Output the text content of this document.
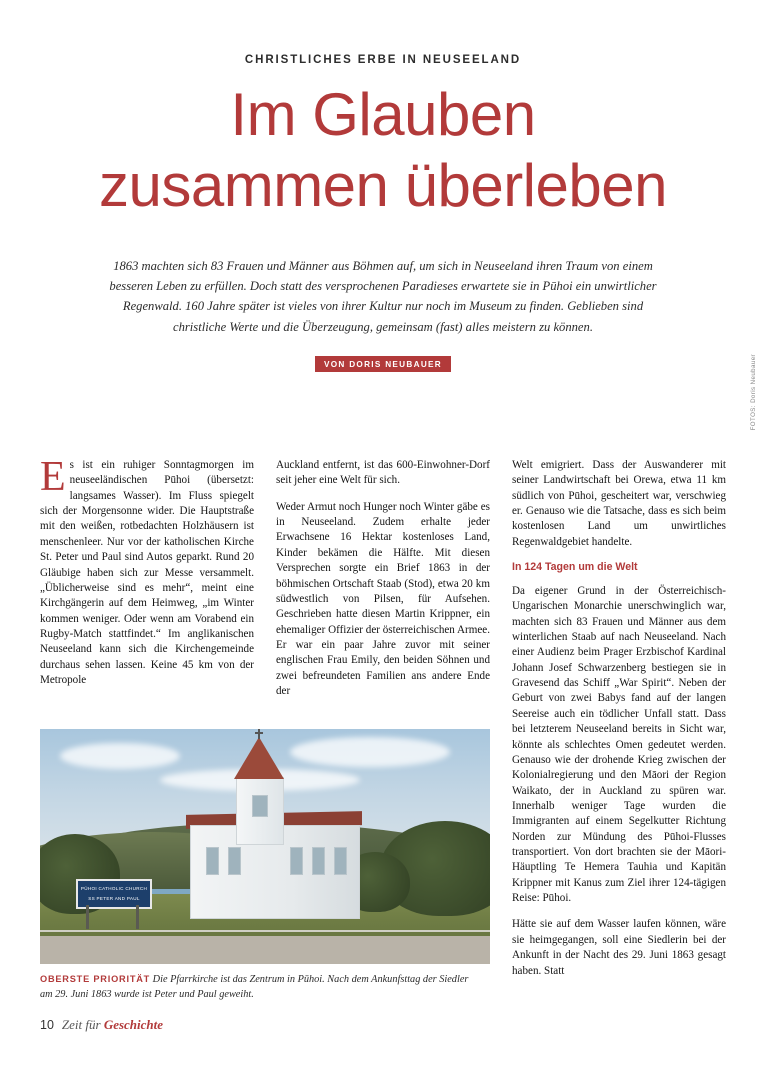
CHRISTLICHES ERBE IN NEUSEELAND
Im Glauben
zusammen überleben
1863 machten sich 83 Frauen und Männer aus Böhmen auf, um sich in Neuseeland ihren Traum von einem besseren Leben zu erfüllen. Doch statt des versprochenen Paradieses erwartete sie in Pūhoi ein unwirtlicher Regenwald. 160 Jahre später ist vieles von ihrer Kultur nur noch im Museum zu finden. Geblieben sind christliche Werte und die Überzeugung, gemeinsam (fast) alles meistern zu können.
VON DORIS NEUBAUER	FOTOS: Doris Neubauer

Es ist ein ruhiger Sonntagmorgen im neuseeländischen Pūhoi (übersetzt: langsames Wasser). Im Fluss spiegelt sich der Morgensonne wider. Die Hauptstraße mit den weißen, rotbedachten Holzhäusern ist menschenleer. Nur vor der katholischen Kirche St. Peter und Paul sind Autos geparkt. Rund 20 Gläubige haben sich zur Messe versammelt. „Üblicherweise sind es mehr“, meint eine Kirchgängerin auf dem Heimweg, „im Winter kommen weniger. Oder wenn am Vorabend ein Rugby-Match stattfindet.“ Im anglikanischen Neuseeland kann sich die Kirchengemeinde durchaus sehen lassen. Keine 45 km von der Metropole

Auckland entfernt, ist das 600-Einwohner-Dorf seit jeher eine Welt für sich.

Weder Armut noch Hunger noch Winter gäbe es in Neuseeland. Zudem erhalte jeder Erwachsene 16 Hektar kostenloses Land, Kinder bekämen die Hälfte. Mit diesen Versprechen sorgte ein Brief 1863 in der böhmischen Ortschaft Staab (Stod), etwa 20 km südwestlich von Pilsen, für Aufsehen. Geschrieben hatte diesen Martin Krippner, ein ehemaliger Offizier der österreichischen Armee. Er war ein paar Jahre zuvor mit seiner englischen Frau Emily, den beiden Söhnen und zwei befreundeten Familien ans andere Ende der

Welt emigriert. Dass der Auswanderer mit seiner Landwirtschaft bei Orewa, etwa 11 km südlich von Pūhoi, gescheitert war, verschwieg er. Genauso wie die Tatsache, dass es sich beim kostenlosen Land um unwirtliches Regenwaldgebiet handelte.

In 124 Tagen um die Welt

Da eigener Grund in der Österreichisch-Ungarischen Monarchie unerschwinglich war, machten sich 83 Frauen und Männer aus dem winterlichen Staab auf nach Neuseeland. Nach einer Audienz beim Prager Erzbischof Kardinal Johann Josef Schwarzenberg bestiegen sie in Gravesend das Schiff „War Spirit“. Neben der Geburt von zwei Babys fand auf der langen Seereise auch ein tödlicher Unfall statt. Dass bei letzterem Neuseeland bereits in Sicht war, könnte als schlechtes Omen gedeutet werden. Genauso wie der drohende Krieg zwischen der Kolonialregierung und den Māori der Region Waikato, der in Auckland zu spüren war. Innerhalb weniger Tage wurden die Immigranten auf einem Segelkutter Richtung Norden zur Mündung des Pūhoi-Flusses transportiert. Von dort brachten sie der Māori-Häuptling Te Hemera Tauhia und Kapitän Krippner mit Kanus zum Ziel ihrer 124-tägigen Reise: Pūhoi.

Hätte sie auf dem Wasser laufen können, wäre sie heimgegangen, soll eine Siedlerin bei der Ankunft in der Nacht des 29. Juni 1863 gesagt haben. Statt

PŪHOI CATHOLIC CHURCH
SS PETER AND PAUL
OBERSTE PRIORITÄT Die Pfarrkirche ist das Zentrum in Pūhoi. Nach dem Ankunfsttag der Siedler am 29. Juni 1863 wurde ist Peter und Paul geweiht.
10 Zeit für Geschichte
